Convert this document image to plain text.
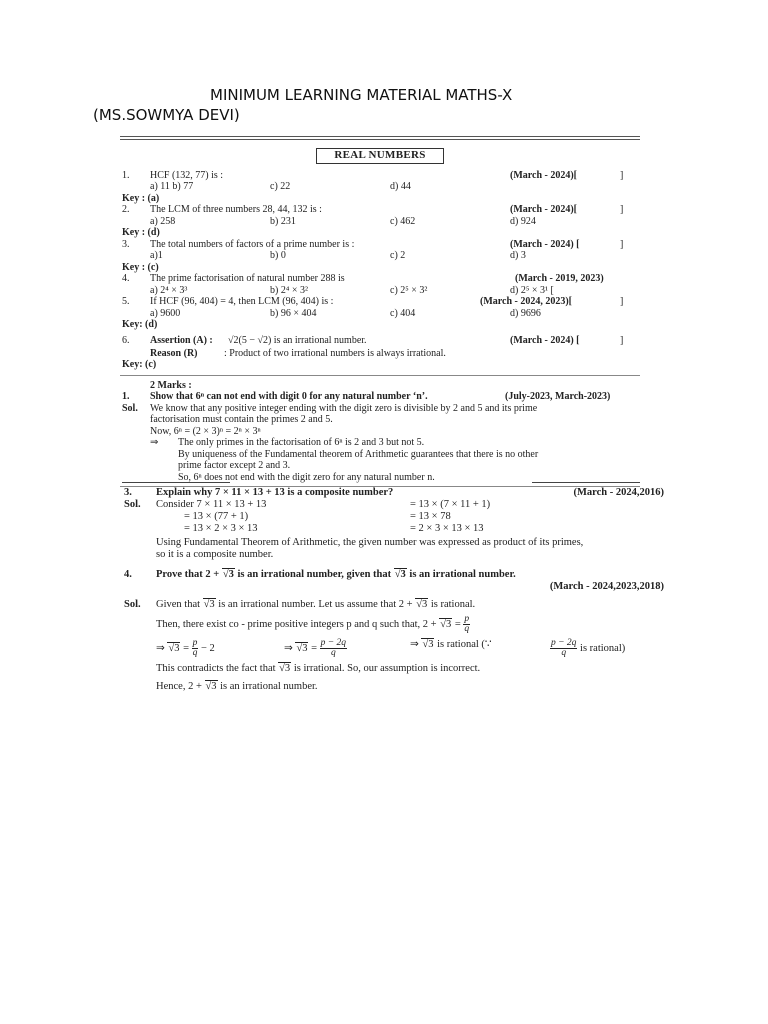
MINIMUM LEARNING MATERIAL MATHS-X
(MS.SOWMYA DEVI)
REAL NUMBERS
1. HCF (132, 77) is :	(March - 2024)[	]
a) 11 b) 77	c) 22	d) 44
Key : (a)
2. The LCM of three numbers 28, 44, 132 is :	(March - 2024)[	]
a) 258	b) 231	c) 462	d) 924
Key : (d)
3. The total numbers of factors of a prime number is :	(March - 2024) [	]
a)1	b) 0	c) 2	d) 3
Key : (c)
4. The prime factorisation of natural number 288 is	(March - 2019, 2023)
a) 2⁴ × 3³	b) 2⁴ × 3²	c) 2⁵ × 3²	d) 2⁵ × 3¹ [
5. If HCF (96, 404) = 4, then LCM (96, 404) is :	(March - 2024, 2023)[	]
a) 9600	b) 96 × 404	c) 404	d) 9696
Key: (d)
6. Assertion (A) : √2(5 − √2) is an irrational number.	(March - 2024) [	]
Reason (R)	: Product of two irrational numbers is always irrational.
Key: (c)
2 Marks :
1. Show that 6ⁿ can not end with digit 0 for any natural number ‘n’.	(July-2023, March-2023)
Sol. We know that any positive integer ending with the digit zero is divisible by 2 and 5 and its prime
factorisation must contain the primes 2 and 5.
Now, 6ⁿ = (2 × 3)ⁿ = 2ⁿ × 3ⁿ
⇒ The only primes in the factorisation of 6ⁿ is 2 and 3 but not 5.
By uniqueness of the Fundamental theorem of Arithmetic guarantees that there is no other
prime factor except 2 and 3.
So, 6ⁿ does not end with the digit zero for any natural number n.
3. Explain why 7 × 11 × 13 + 13 is a composite number?	(March - 2024,2016)
Sol. Consider 7 × 11 × 13 + 13	= 13 × (7 × 11 + 1)
= 13 × (77 + 1)	= 13 × 78
= 13 × 2 × 3 × 13	= 2 × 3 × 13 × 13
Using Fundamental Theorem of Arithmetic, the given number was expressed as product of its primes,
so it is a composite number.
4. Prove that 2 + √3 is an irrational number, given that √3 is an irrational number.
(March - 2024,2023,2018)
Sol. Given that √3 is an irrational number. Let us assume that 2 + √3 is rational.
Then, there exist co - prime positive integers p and q such that, $2 + √3 = \frac{p}{q}$
⇒ $√3 = \frac{p}{q} - 2$	⇒ $√3 = \frac{p - 2q}{q}$	⇒ √3 is rational (∵	$\frac{p - 2q}{q}$ is rational)
This contradicts the fact that √3 is irrational. So, our assumption is incorrect.
Hence, 2 + √3 is an irrational number.
